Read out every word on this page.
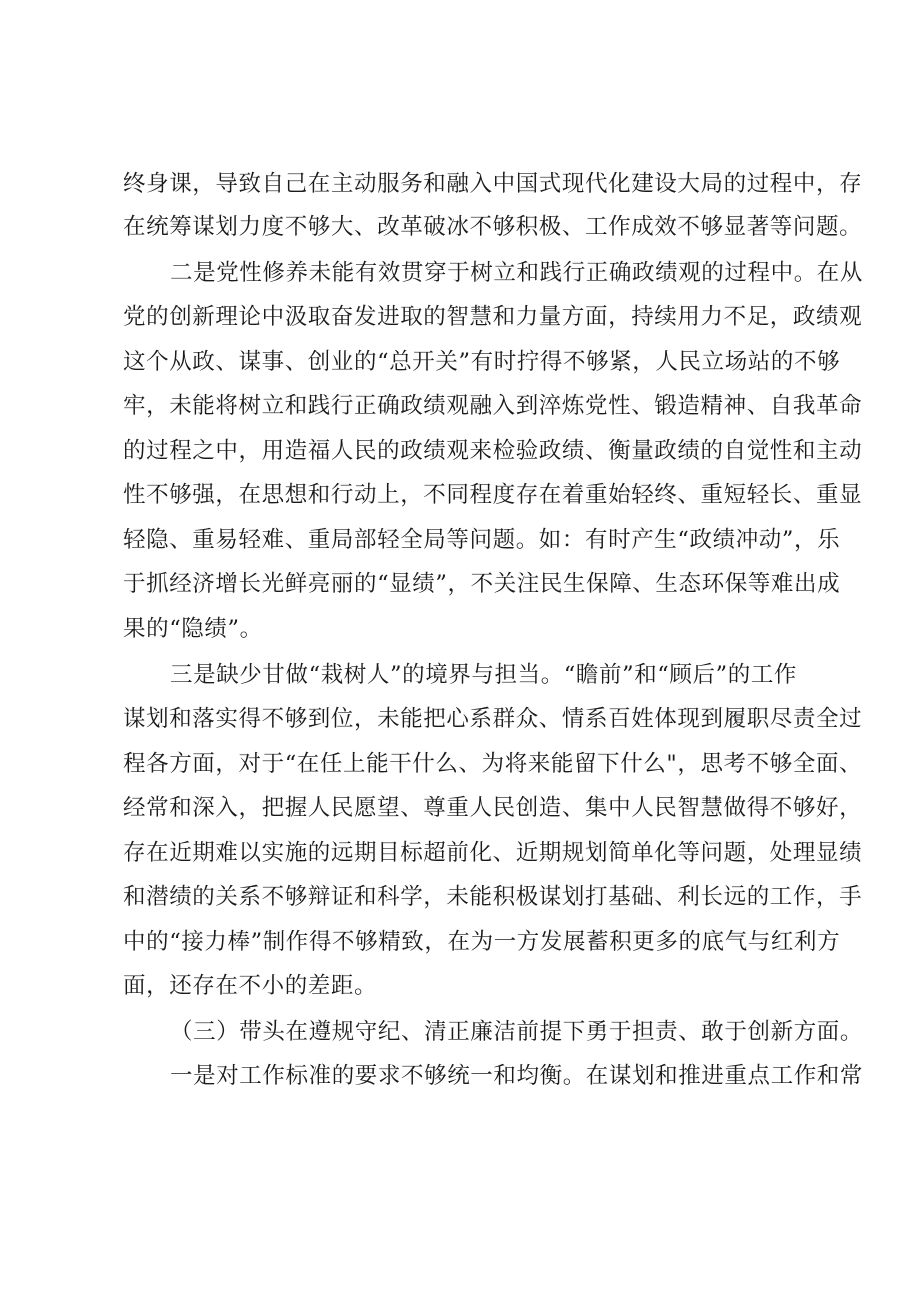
终身课，导致自己在主动服务和融入中国式现代化建设大局的过程中，存
在统筹谋划力度不够大、改革破冰不够积极、工作成效不够显著等问题。
二是党性修养未能有效贯穿于树立和践行正确政绩观的过程中。在从
党的创新理论中汲取奋发进取的智慧和力量方面，持续用力不足，政绩观
这个从政、谋事、创业的“总开关”有时拧得不够紧，人民立场站的不够
牢，未能将树立和践行正确政绩观融入到淬炼党性、锻造精神、自我革命
的过程之中，用造福人民的政绩观来检验政绩、衡量政绩的自觉性和主动
性不够强，在思想和行动上，不同程度存在着重始轻终、重短轻长、重显
轻隐、重易轻难、重局部轻全局等问题。如：有时产生“政绩冲动”，乐
于抓经济增长光鲜亮丽的“显绩”，不关注民生保障、生态环保等难出成
果的“隐绩”。
三是缺少甘做“栽树人”的境界与担当。“瞻前”和“顾后”的工作
谋划和落实得不够到位，未能把心系群众、情系百姓体现到履职尽责全过
程各方面，对于“在任上能干什么、为将来能留下什么"，思考不够全面、
经常和深入，把握人民愿望、尊重人民创造、集中人民智慧做得不够好，
存在近期难以实施的远期目标超前化、近期规划简单化等问题，处理显绩
和潜绩的关系不够辩证和科学，未能积极谋划打基础、利长远的工作，手
中的“接力棒”制作得不够精致，在为一方发展蓄积更多的底气与红利方
面，还存在不小的差距。
（三）带头在遵规守纪、清正廉洁前提下勇于担责、敢于创新方面。
一是对工作标准的要求不够统一和均衡。在谋划和推进重点工作和常
